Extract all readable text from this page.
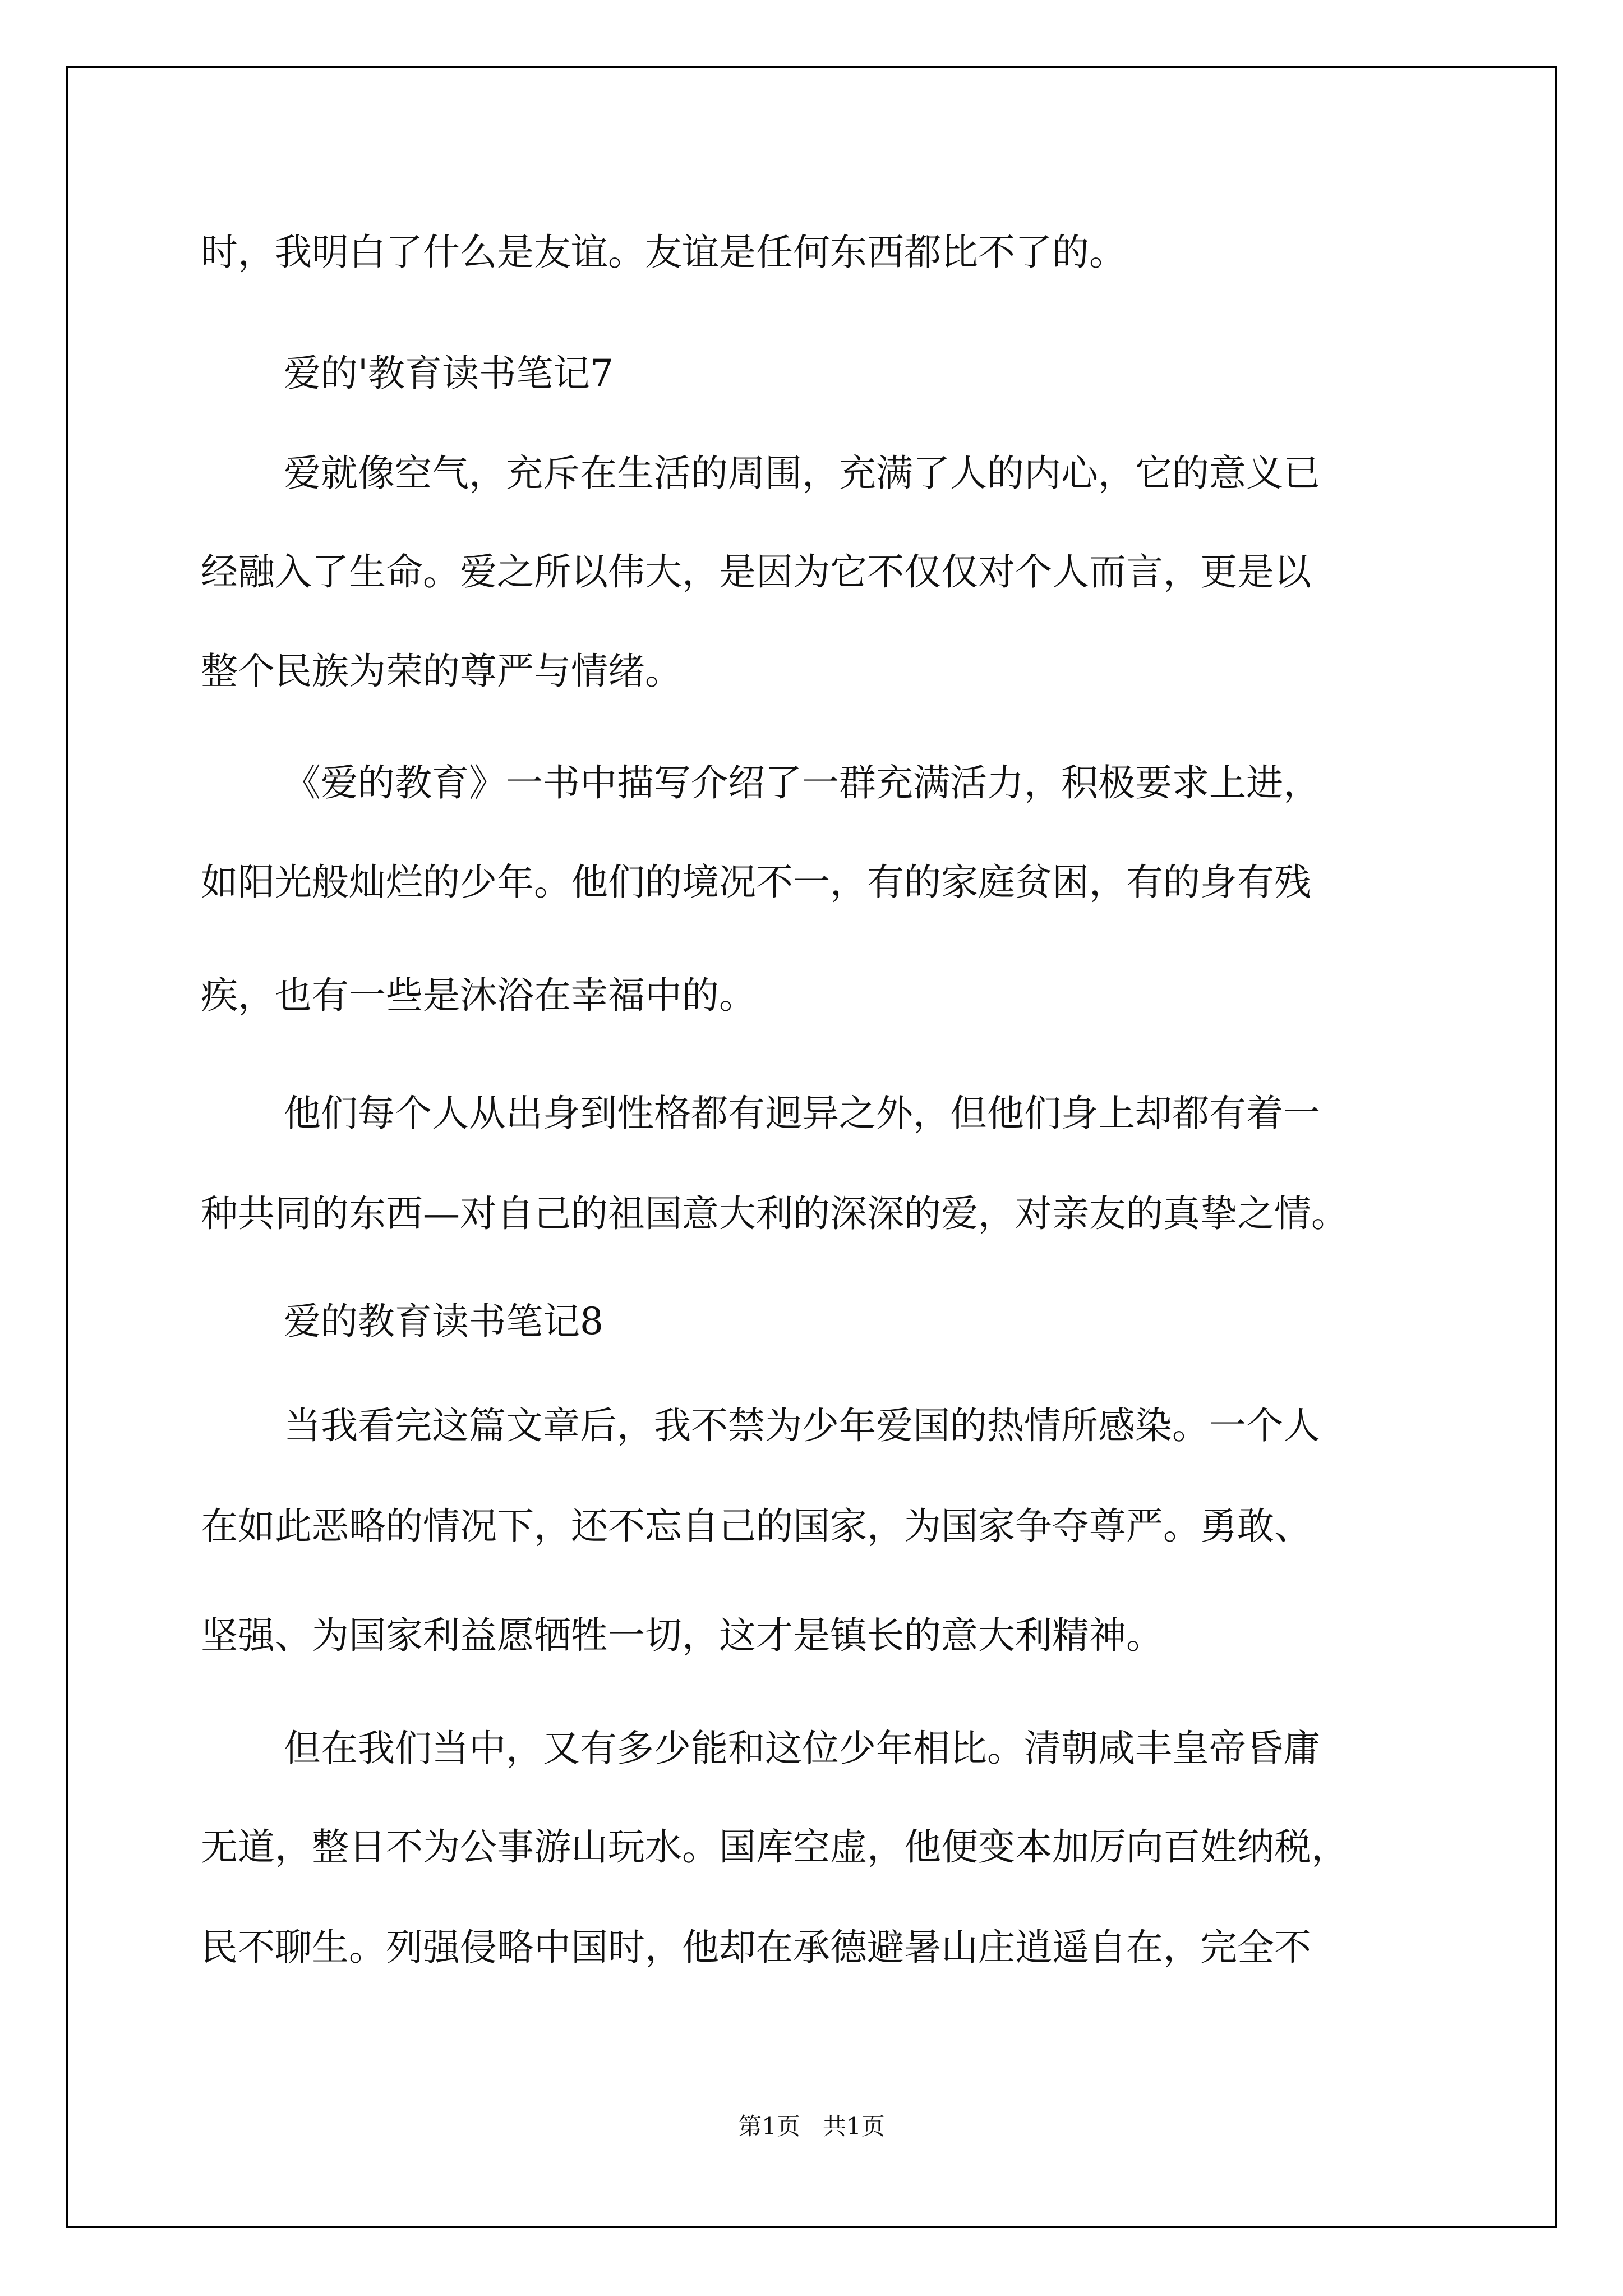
时，我明白了什么是友谊。友谊是任何东西都比不了的。

爱的'教育读书笔记7

爱就像空气，充斥在生活的周围，充满了人的内心，它的意义已

经融入了生命。爱之所以伟大，是因为它不仅仅对个人而言，更是以

整个民族为荣的尊严与情绪。

《爱的教育》一书中描写介绍了一群充满活力，积极要求上进，

如阳光般灿烂的少年。他们的境况不一，有的家庭贫困，有的身有残

疾，也有一些是沐浴在幸福中的。

他们每个人从出身到性格都有迥异之外，但他们身上却都有着一

种共同的东西—对自己的祖国意大利的深深的爱，对亲友的真挚之情。

爱的教育读书笔记8

当我看完这篇文章后，我不禁为少年爱国的热情所感染。一个人

在如此恶略的情况下，还不忘自己的国家，为国家争夺尊严。勇敢、

坚强、为国家利益愿牺牲一切，这才是镇长的意大利精神。

但在我们当中，又有多少能和这位少年相比。清朝咸丰皇帝昏庸

无道，整日不为公事游山玩水。国库空虚，他便变本加厉向百姓纳税，

民不聊生。列强侵略中国时，他却在承德避暑山庄逍遥自在，完全不

第1页   共1页
